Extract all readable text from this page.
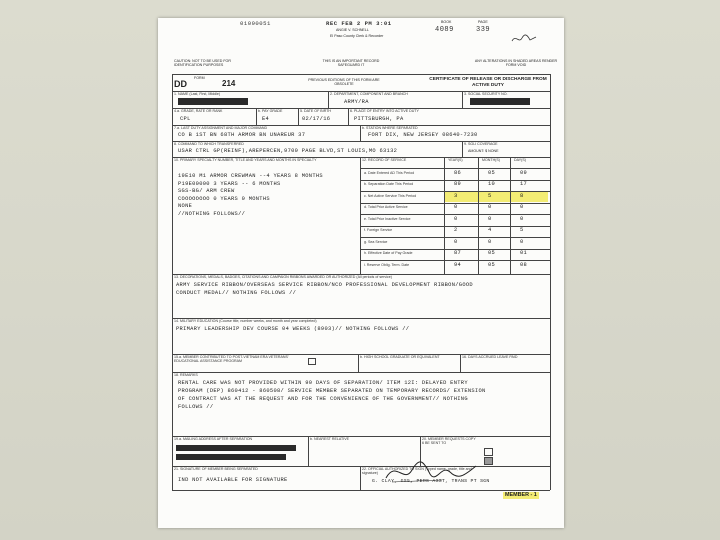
01090051	REC FEB 2 PM 3:01
ANGIE V. SCHNELL
El Paso County Clerk & Recorder
BOOK
4089
PAGE
339
CAUTION: NOT TO BE USED FOR IDENTIFICATION PURPOSES
THIS IS AN IMPORTANT RECORD SAFEGUARD IT
ANY ALTERATIONS IN SHADED AREAS RENDER FORM VOID
DD
FORM
214	PREVIOUS EDITIONS OF THIS FORM ARE OBSOLETE
CERTIFICATE OF RELEASE OR DISCHARGE FROM ACTIVE DUTY
1. NAME (Last, First, Middle)	2. DEPARTMENT, COMPONENT AND BRANCH
ARMY/RA
3. SOCIAL SECURITY NO.
4.a. GRADE, RATE OR RANK
CPL
b. PAY GRADE
E4
5. DATE OF BIRTH
02/17/16
6. PLACE OF ENTRY INTO ACTIVE DUTY
PITTSBURGH, PA
7.a. LAST DUTY ASSIGNMENT AND MAJOR COMMAND
CO B 1ST BN 68TH ARMOR BN UNAREUR 37
b. STATION WHERE SEPARATED
FORT DIX, NEW JERSEY 08640-7230
8. COMMAND TO WHICH TRANSFERRED
USAR CTRL GP(REINF),AREPERCEN,9700 PAGE BLVD,ST LOUIS,MO 63132
9. SGLI COVERAGE
AMOUNT: $ NONE
10. PRIMARY SPECIALTY NUMBER, TITLE AND YEARS AND MONTHS IN SPECIALTY
19E10 M1 ARMOR CREWMAN --4 YEARS 8 MONTHS
P19E00000 3 YEARS -- 6 MONTHS
SGS-BG/ ARM CREW
COOOOOOOO 0 YEARS 0 MONTHS
NONE
//NOTHING FOLLOWS//
12. RECORD OF SERVICE	YEAR(S)	MONTH(S)	DAY(S)
a. Date Entered AD This Period	86	05	09
b. Separation Date This Period	89	10	17
c. Net Active Service This Period	3	5	8
d. Total Prior Active Service	0	0	0
e. Total Prior Inactive Service	0	0	0
f. Foreign Service	2	4	5
g. Sea Service	0	0	0
h. Effective Date of Pay Grade	87	05	01
i. Reserve Oblig. Term. Date	94	05	08
13. DECORATIONS, MEDALS, BADGES, CITATIONS AND CAMPAIGN RIBBONS AWARDED OR AUTHORIZED (All periods of service)
ARMY SERVICE RIBBON/OVERSEAS SERVICE RIBBON/NCO PROFESSIONAL DEVELOPMENT RIBBON/GOOD
CONDUCT MEDAL// NOTHING FOLLOWS //
14. MILITARY EDUCATION (Course title, number weeks, and month and year completed)
PRIMARY LEADERSHIP DEV COURSE 04 WEEKS (8903)// NOTHING FOLLOWS //
15.a. MEMBER CONTRIBUTED TO POST-VIETNAM ERA VETERANS' EDUCATIONAL ASSISTANCE PROGRAM
b. HIGH SCHOOL GRADUATE OR EQUIVALENT	16. DAYS ACCRUED LEAVE PAID
18. REMARKS
RENTAL CARE WAS NOT PROVIDED WITHIN 90 DAYS OF SEPARATION/ ITEM 12I: DELAYED ENTRY
PROGRAM (DEP) 860412 - 860508/ SERVICE MEMBER SEPARATED ON TEMPORARY RECORDS/ EXTENSION
OF CONTRACT WAS AT THE REQUEST AND FOR THE CONVENIENCE OF THE GOVERNMENT// NOTHING
FOLLOWS //
19.a. MAILING ADDRESS AFTER SEPARATION	b. NEAREST RELATIVE	20. MEMBER REQUESTS COPY 6 BE SENT TO
21. SIGNATURE OF MEMBER BEING SEPARATED
IND NOT AVAILABLE FOR SIGNATURE
22. OFFICIAL AUTHORIZED TO SIGN (Typed name, grade, title and signature)
G. CLAY, GS5, PERS ASST, TRANS PT SGN
MEMBER - 1
